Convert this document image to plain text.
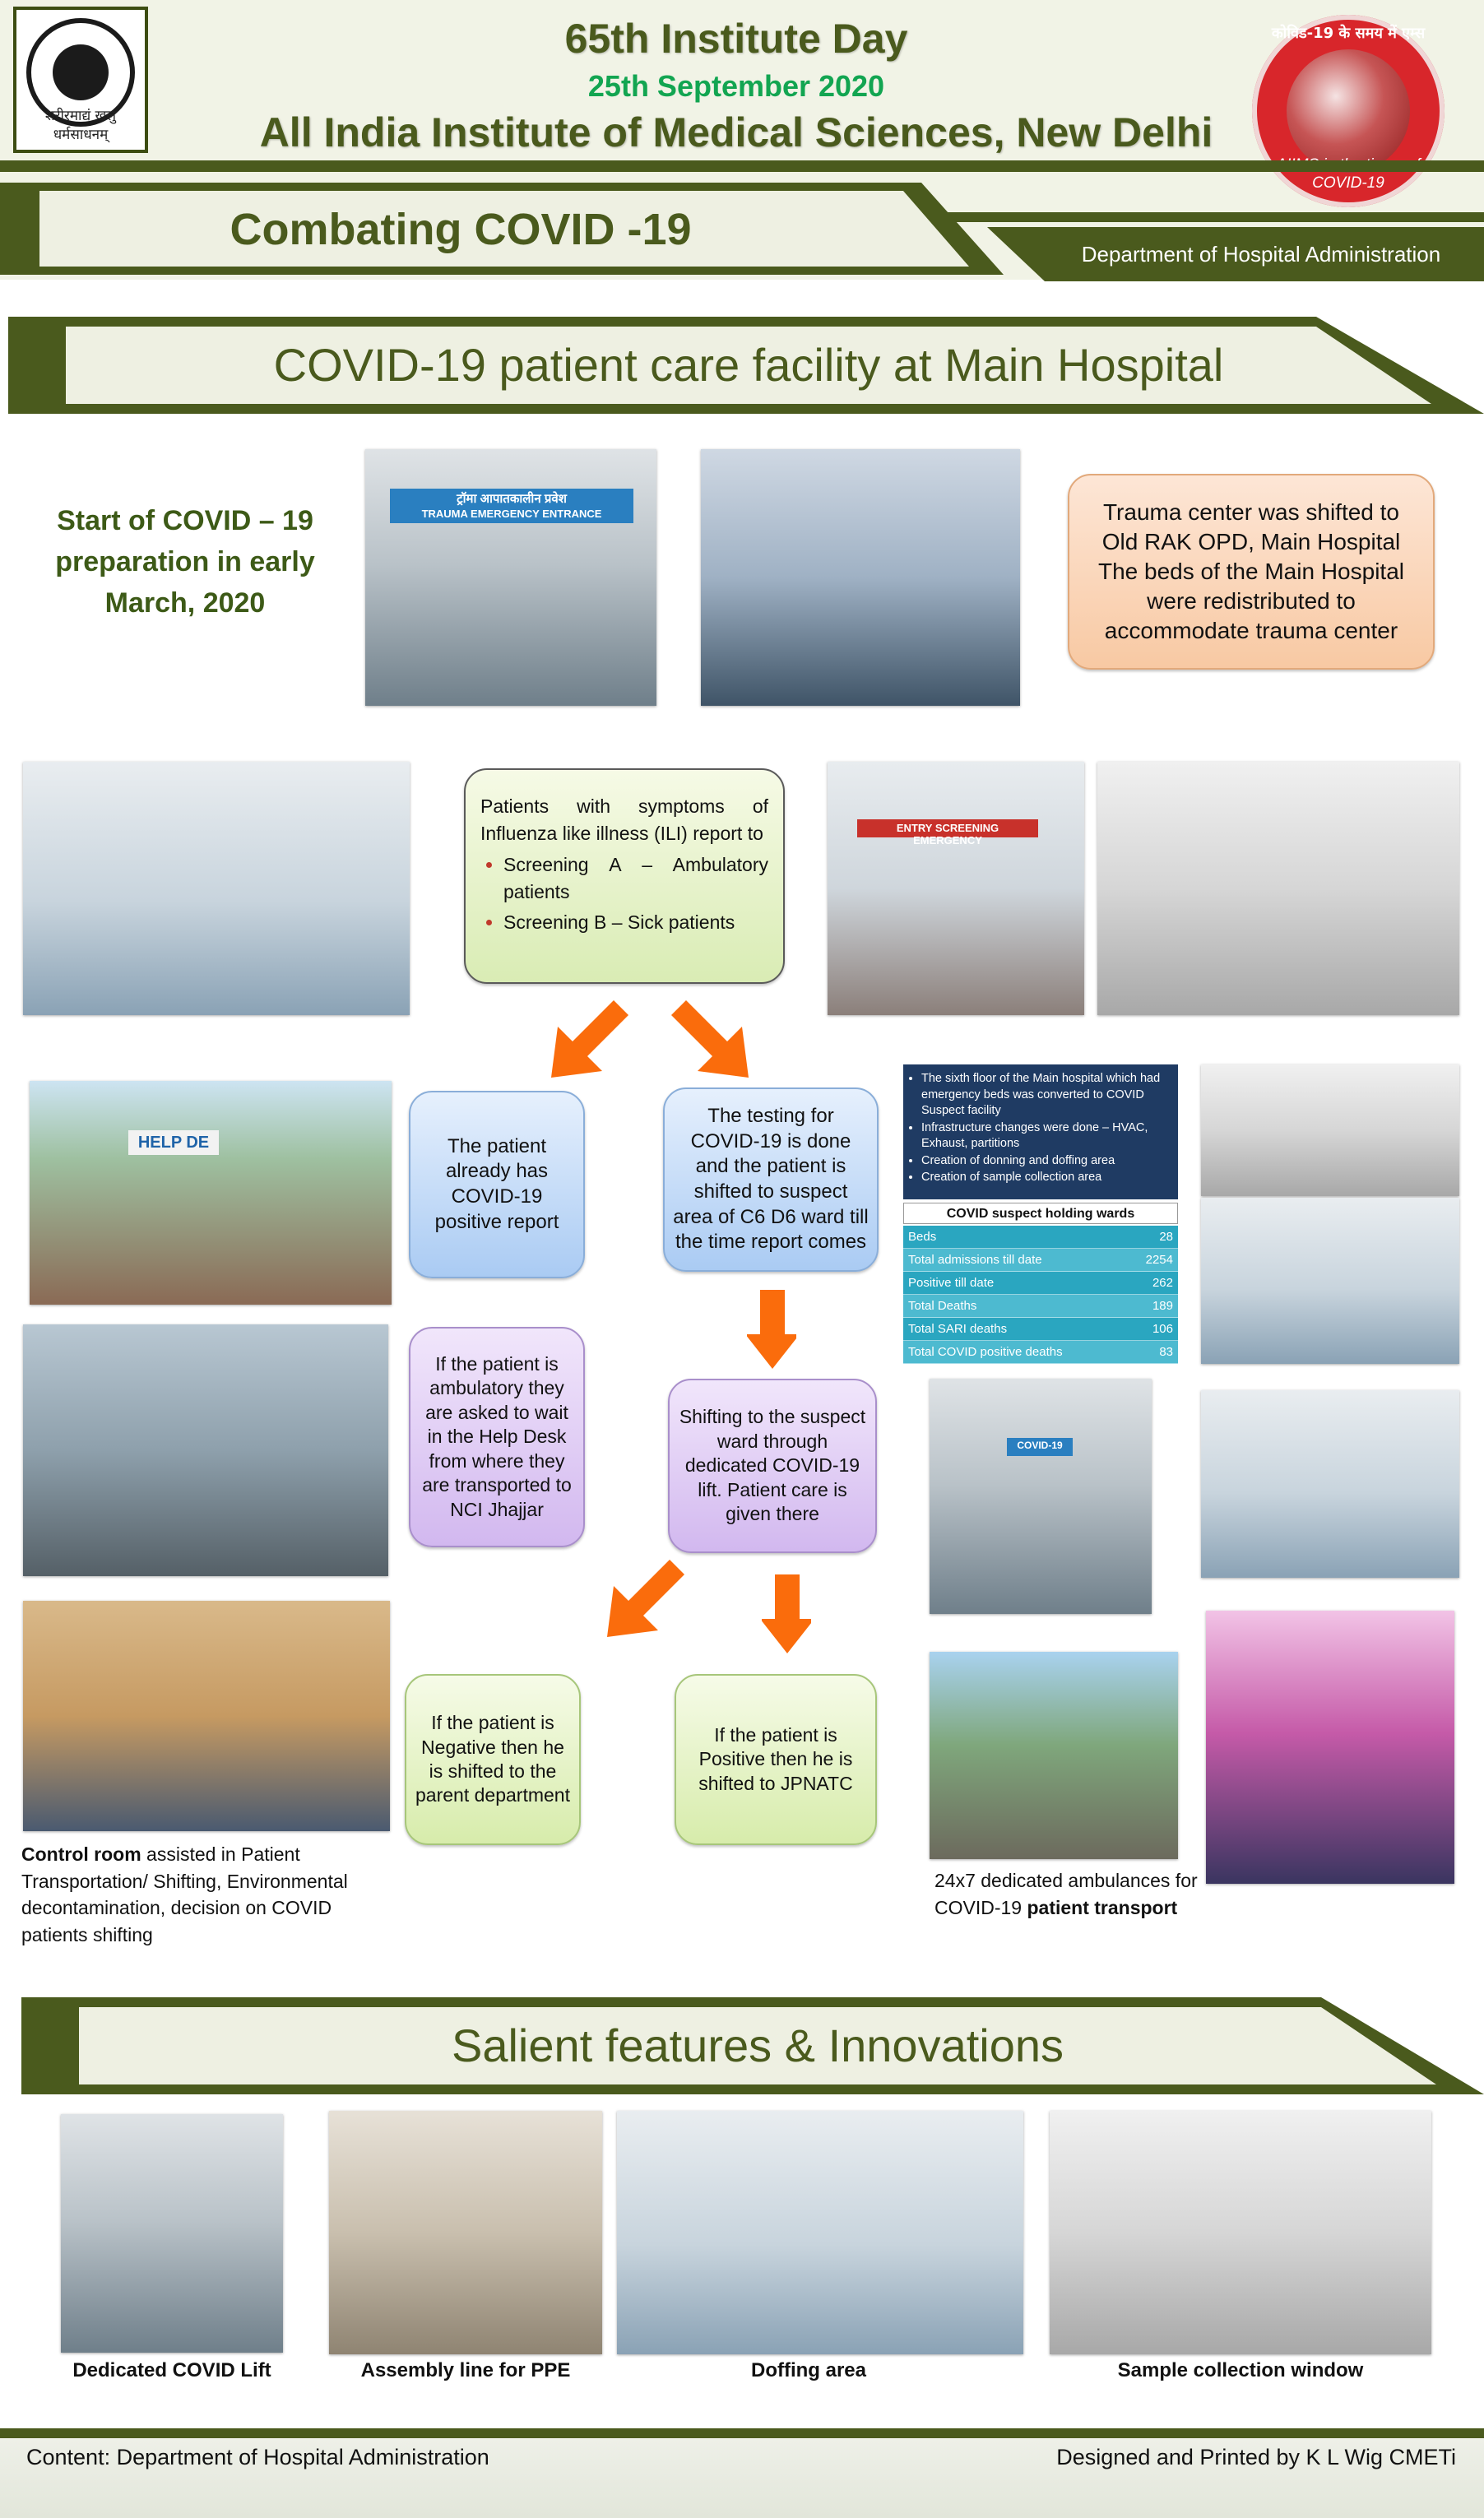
शरीरमाद्यं खलु धर्मसाधनम्
65th Institute Day
25th September 2020
All India Institute of Medical Sciences, New Delhi
कोविड-19 के समय में एम्स
COVID-19
Combating COVID -19	Department of Hospital Administration
COVID-19 patient care facility at Main Hospital
Start of COVID – 19 preparation in early March, 2020
ट्रॉमा आपातकालीन प्रवेश
TRAUMA EMERGENCY ENTRANCE	Trauma center was shifted to Old RAK OPD, Main Hospital The beds of the Main Hospital were redistributed to accommodate trauma center
Patients with symptoms of Influenza like illness (ILI) report to
• Screening A – Ambulatory patients
• Screening B – Sick patients
ENTRY SCREENING EMERGENCY
HELP DE	The patient already has COVID-19 positive report
The testing for COVID-19 is done and the patient is shifted to suspect area of C6 D6 ward till the time report comes
• The sixth floor of the Main hospital which had emergency beds was converted to COVID Suspect facility
• Infrastructure changes were done – HVAC, Exhaust, partitions
• Creation of donning and doffing area
• Creation of sample collection area
COVID suspect holding wards
Beds	28
Total admissions till date	2254
Positive till date	262
Total Deaths	189
Total SARI deaths	106
Total COVID positive deaths	83
If the patient is ambulatory they are asked to wait in the Help Desk from where they are transported to NCI Jhajjar
Shifting to the suspect ward through dedicated COVID-19 lift. Patient care is given there
COVID-19
If the patient is Negative then he is shifted to the parent department
If the patient is Positive then he is shifted to JPNATC
Control room assisted in Patient Transportation/ Shifting, Environmental decontamination, decision on COVID patients shifting
24x7 dedicated ambulances for COVID-19 patient transport
Salient features & Innovations
Dedicated COVID Lift	Assembly line for PPE	Doffing area	Sample collection window
Content: Department of Hospital Administration	Designed and Printed by K L Wig CMETi
